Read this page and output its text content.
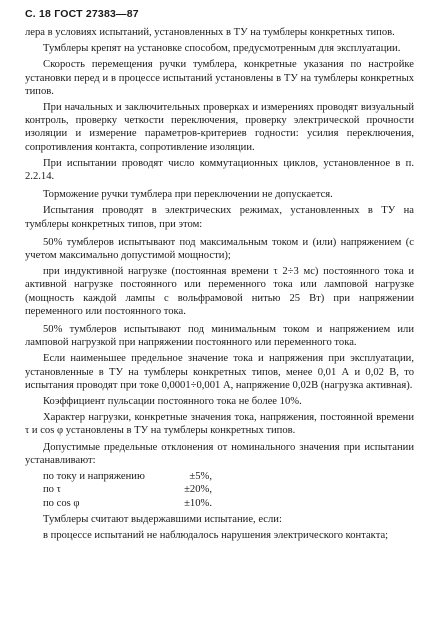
С. 18 ГОСТ 27383—87

лера в условиях испытаний, установленных в ТУ на тумблеры конкретных типов.

Тумблеры крепят на установке способом, предусмотренным для эксплуатации.

Скорость перемещения ручки тумблера, конкретные указания по настройке установки перед и в процессе испытаний установлены в ТУ на тумблеры конкретных типов.

При начальных и заключительных проверках и измерениях проводят визуальный контроль, проверку четкости переключения, проверку электрической прочности изоляции и измерение параметров-критериев годности: усилия переключения, сопротивления контакта, сопротивление изоляции.

При испытании проводят число коммутационных циклов, установленное в п. 2.2.14.

Торможение ручки тумблера при переключении не допускается.

Испытания проводят в электрических режимах, установленных в ТУ на тумблеры конкретных типов, при этом:

50% тумблеров испытывают под максимальным током и (или) напряжением (с учетом максимально допустимой мощности);

при индуктивной нагрузке (постоянная времени τ 2÷3 мс) постоянного тока и активной нагрузке постоянного или переменного тока или ламповой нагрузке (мощность каждой лампы с вольфрамовой нитью 25 Вт) при напряжении переменного или постоянного тока.

50% тумблеров испытывают под минимальным током и напряжением или ламповой нагрузкой при напряжении постоянного или переменного тока.

Если наименьшее предельное значение тока и напряжения при эксплуатации, установленные в ТУ на тумблеры конкретных типов, менее 0,01 А и 0,02 В, то испытания проводят при токе 0,0001÷0,001 А, напряжение 0,02В (нагрузка активная).

Коэффициент пульсации постоянного тока не более 10%.

Характер нагрузки, конкретные значения тока, напряжения, постоянной времени τ и cos φ установлены в ТУ на тумблеры конкретных типов.

Допустимые предельные отклонения от номинального значения при испытании устанавливают:

по току и напряжению	±5%,
по τ	±20%,
по cos φ	±10%.

Тумблеры считают выдержавшими испытание, если:

в процессе испытаний не наблюдалось нарушения электрического контакта;
